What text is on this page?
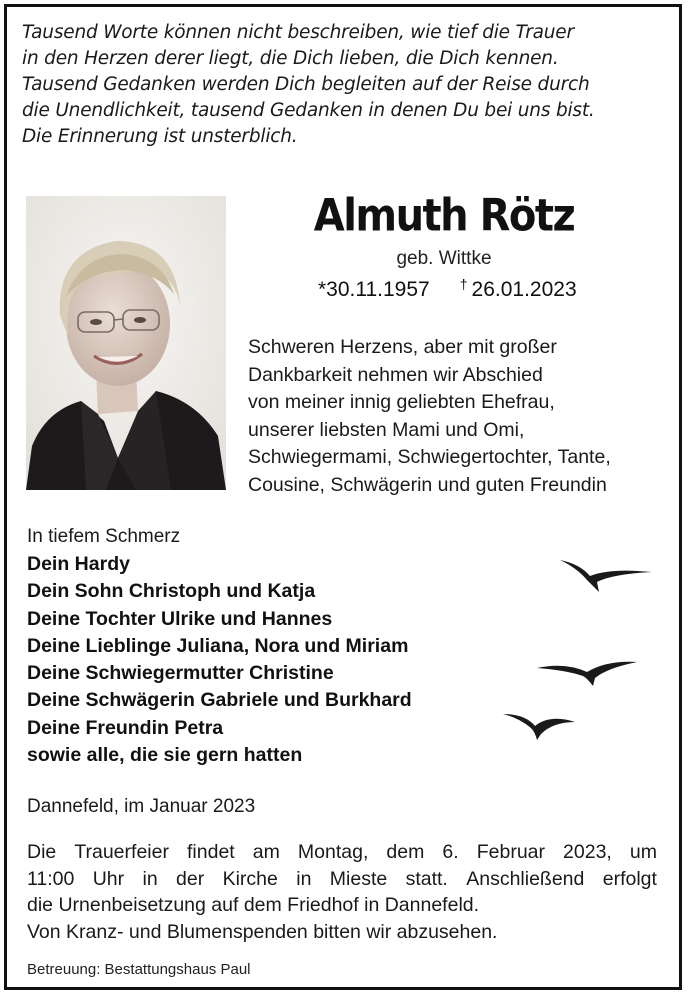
Tausend Worte können nicht beschreiben, wie tief die Trauer
in den Herzen derer liegt, die Dich lieben, die Dich kennen.
Tausend Gedanken werden Dich begleiten auf der Reise durch
die Unendlichkeit, tausend Gedanken in denen Du bei uns bist.
Die Erinnerung ist unsterblich.
Almuth Rötz
geb. Wittke
*30.11.1957 † 26.01.2023
Schweren Herzens, aber mit großer
Dankbarkeit nehmen wir Abschied
von meiner innig geliebten Ehefrau,
unserer liebsten Mami und Omi,
Schwiegermami, Schwiegertochter, Tante,
Cousine, Schwägerin und guten Freundin
In tiefem Schmerz
Dein Hardy
Dein Sohn Christoph und Katja
Deine Tochter Ulrike und Hannes
Deine Lieblinge Juliana, Nora und Miriam
Deine Schwiegermutter Christine
Deine Schwägerin Gabriele und Burkhard
Deine Freundin Petra
sowie alle, die sie gern hatten
Dannefeld, im Januar 2023
Die Trauerfeier findet am Montag, dem 6. Februar 2023, um
11:00 Uhr in der Kirche in Mieste statt. Anschließend erfolgt
die Urnenbeisetzung auf dem Friedhof in Dannefeld.
Von Kranz- und Blumenspenden bitten wir abzusehen.
Betreuung: Bestattungshaus Paul
